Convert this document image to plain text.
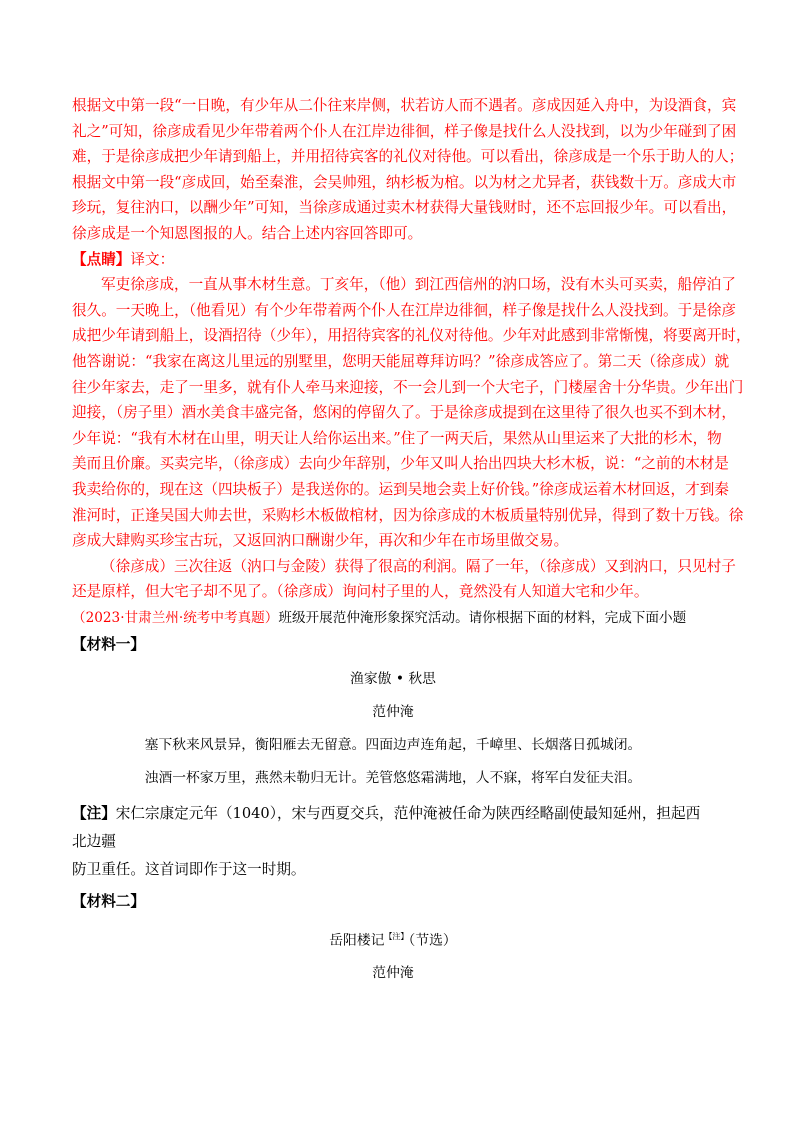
根据文中第一段“一日晚，有少年从二仆往来岸侧，状若访人而不遇者。彦成因延入舟中，为设酒食，宾
礼之”可知，徐彦成看见少年带着两个仆人在江岸边徘徊，样子像是找什么人没找到，以为少年碰到了困
难，于是徐彦成把少年请到船上，并用招待宾客的礼仪对待他。可以看出，徐彦成是一个乐于助人的人；
根据文中第一段“彦成回，始至秦淮，会吴帅殂，纳杉板为棺。以为材之尤异者，获钱数十万。彦成大市
珍玩，复往汭口，以酬少年”可知，当徐彦成通过卖木材获得大量钱财时，还不忘回报少年。可以看出，
徐彦成是一个知恩图报的人。结合上述内容回答即可。
【点睛】译文：
军吏徐彦成，一直从事木材生意。丁亥年，（他）到江西信州的汭口场，没有木头可买卖，船停泊了
很久。一天晚上，（他看见）有个少年带着两个仆人在江岸边徘徊，样子像是找什么人没找到。于是徐彦
成把少年请到船上，设酒招待（少年），用招待宾客的礼仪对待他。少年对此感到非常惭愧，将要离开时，
他答谢说：“我家在离这儿里远的别墅里，您明天能屈尊拜访吗？”徐彦成答应了。第二天（徐彦成）就
往少年家去，走了一里多，就有仆人牵马来迎接，不一会儿到一个大宅子，门楼屋舍十分华贵。少年出门
迎接，（房子里）酒水美食丰盛完备，悠闲的停留久了。于是徐彦成提到在这里待了很久也买不到木材，
少年说：“我有木材在山里，明天让人给你运出来。”住了一两天后，果然从山里运来了大批的杉木，物
美而且价廉。买卖完毕，（徐彦成）去向少年辞别，少年又叫人抬出四块大杉木板，说：“之前的木材是
我卖给你的，现在这（四块板子）是我送你的。运到吴地会卖上好价钱。”徐彦成运着木材回返，才到秦
淮河时，正逢吴国大帅去世，采购杉木板做棺材，因为徐彦成的木板质量特别优异，得到了数十万钱。徐
彦成大肆购买珍宝古玩，又返回汭口酬谢少年，再次和少年在市场里做交易。
（徐彦成）三次往返（汭口与金陵）获得了很高的利润。隔了一年，（徐彦成）又到汭口，只见村子
还是原样，但大宅子却不见了。（徐彦成）询问村子里的人，竟然没有人知道大宅和少年。
（2023·甘肃兰州·统考中考真题）班级开展范仲淹形象探究活动。请你根据下面的材料，完成下面小题
【材料一】
渔家傲 • 秋思
范仲淹
塞下秋来风景异，衡阳雁去无留意。四面边声连角起，千嶂里、长烟落日孤城闭。
浊酒一杯家万里，燕然未勒归无计。羌管悠悠霜满地，人不寐，将军白发征夫泪。
【注】宋仁宗康定元年（1040），宋与西夏交兵，范仲淹被任命为陕西经略副使最知延州，担起西北边疆
防卫重任。这首词即作于这一时期。
【材料二】
岳阳楼记$^{【注】}$（节选）
范仲淹
